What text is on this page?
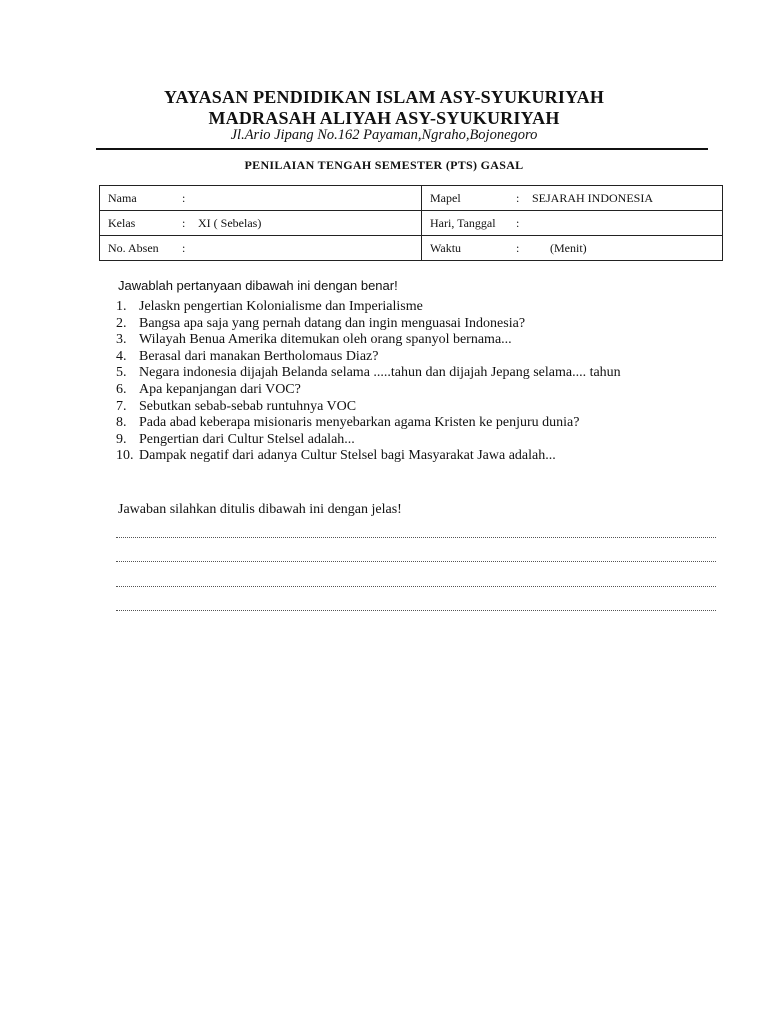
YAYASAN PENDIDIKAN ISLAM ASY-SYUKURIYAH
MADRASAH ALIYAH ASY-SYUKURIYAH
Jl.Ario Jipang No.162 Payaman,Ngraho,Bojonegoro
PENILAIAN TENGAH SEMESTER (PTS) GASAL
Nama :	Mapel : SEJARAH INDONESIA
Kelas : XI ( Sebelas)	Hari, Tanggal :
No. Absen :	Waktu : (Menit)
Jawablah pertanyaan dibawah ini dengan benar!
1. Jelaskn pengertian Kolonialisme dan Imperialisme
2. Bangsa apa saja yang pernah datang dan ingin menguasai Indonesia?
3. Wilayah Benua Amerika ditemukan oleh orang spanyol bernama...
4. Berasal dari manakan Bertholomaus Diaz?
5. Negara indonesia dijajah Belanda selama .....tahun dan dijajah Jepang selama.... tahun
6. Apa kepanjangan dari VOC?
7. Sebutkan sebab-sebab runtuhnya VOC
8. Pada abad keberapa misionaris menyebarkan agama Kristen ke penjuru dunia?
9. Pengertian dari Cultur Stelsel adalah...
10. Dampak negatif dari adanya Cultur Stelsel bagi Masyarakat Jawa adalah...
Jawaban silahkan ditulis dibawah ini dengan jelas!
